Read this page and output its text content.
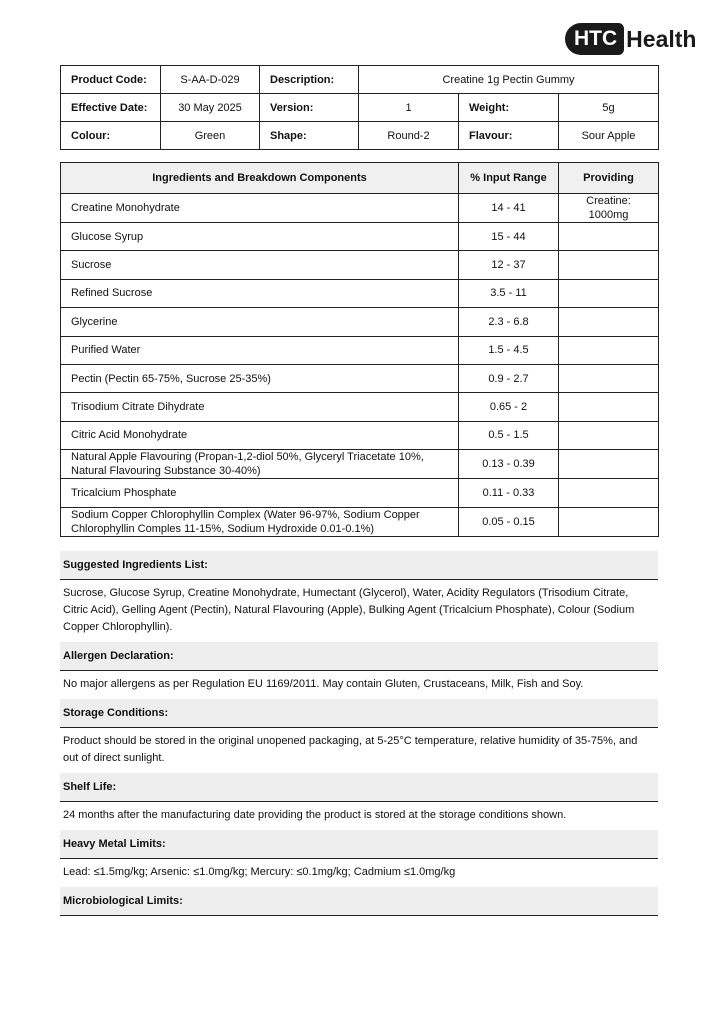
HTC Health
Product Code:	S-AA-D-029	Description:	Creatine 1g Pectin Gummy		
Effective Date:	30 May 2025	Version:	1	Weight:	5g
Colour:	Green	Shape:	Round-2	Flavour:	Sour Apple
Ingredients and Breakdown Components	% Input Range	Providing
Creatine Monohydrate	14 - 41	Creatine: 1000mg
Glucose Syrup	15 - 44	
Sucrose	12 - 37	
Refined Sucrose	3.5 - 11	
Glycerine	2.3 - 6.8	
Purified Water	1.5 - 4.5	
Pectin (Pectin 65-75%, Sucrose 25-35%)	0.9 - 2.7	
Trisodium Citrate Dihydrate	0.65 - 2	
Citric Acid Monohydrate	0.5 - 1.5	
Natural Apple Flavouring (Propan-1,2-diol 50%, Glyceryl Triacetate 10%, Natural Flavouring Substance 30-40%)	0.13 - 0.39	
Tricalcium Phosphate	0.11 - 0.33	
Sodium Copper Chlorophyllin Complex (Water 96-97%, Sodium Copper Chlorophyllin Comples 11-15%, Sodium Hydroxide 0.01-0.1%)	0.05 - 0.15	
Suggested Ingredients List:
Sucrose, Glucose Syrup, Creatine Monohydrate, Humectant (Glycerol), Water, Acidity Regulators (Trisodium Citrate, Citric Acid), Gelling Agent (Pectin), Natural Flavouring (Apple), Bulking Agent (Tricalcium Phosphate), Colour (Sodium Copper Chlorophyllin).
Allergen Declaration:
No major allergens as per Regulation EU 1169/2011. May contain Gluten, Crustaceans, Milk, Fish and Soy.
Storage Conditions:
Product should be stored in the original unopened packaging, at 5-25°C temperature, relative humidity of 35-75%, and out of direct sunlight.
Shelf Life:
24 months after the manufacturing date providing the product is stored at the storage conditions shown.
Heavy Metal Limits:
Lead: ≤1.5mg/kg; Arsenic: ≤1.0mg/kg; Mercury: ≤0.1mg/kg; Cadmium ≤1.0mg/kg
Microbiological Limits:
